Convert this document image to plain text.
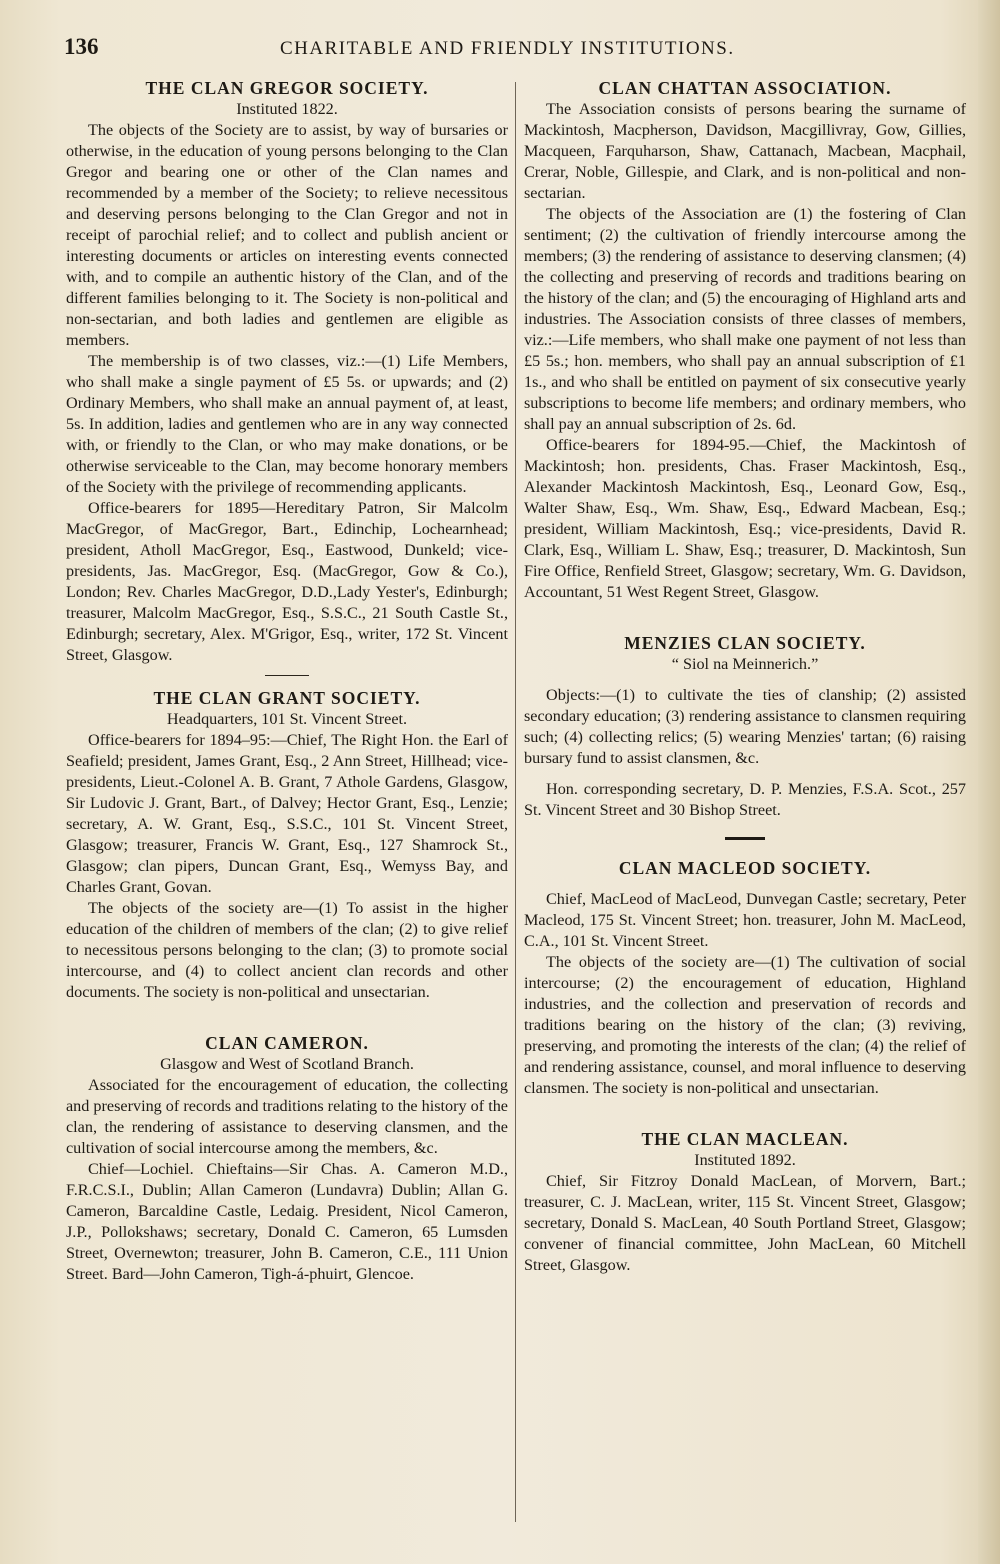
136	CHARITABLE AND FRIENDLY INSTITUTIONS.
THE CLAN GREGOR SOCIETY.
Instituted 1822.

The objects of the Society are to assist, by way of bursaries or otherwise, in the education of young persons belonging to the Clan Gregor and bearing one or other of the Clan names and recommended by a member of the Society; to relieve necessitous and deserving persons belonging to the Clan Gregor and not in receipt of parochial relief; and to collect and publish ancient or interesting documents or articles on interesting events connected with, and to compile an authentic history of the Clan, and of the different families belonging to it. The Society is non-political and non-sectarian, and both ladies and gentlemen are eligible as members.

The membership is of two classes, viz.:—(1) Life Members, who shall make a single payment of £5 5s. or upwards; and (2) Ordinary Members, who shall make an annual payment of, at least, 5s. In addition, ladies and gentlemen who are in any way connected with, or friendly to the Clan, or who may make donations, or be otherwise serviceable to the Clan, may become honorary members of the Society with the privilege of recommending applicants.

Office-bearers for 1895—Hereditary Patron, Sir Malcolm MacGregor, of MacGregor, Bart., Edinchip, Lochearnhead; president, Atholl MacGregor, Esq., Eastwood, Dunkeld; vice-presidents, Jas. MacGregor, Esq. (MacGregor, Gow & Co.), London; Rev. Charles MacGregor, D.D.,Lady Yester's, Edinburgh; treasurer, Malcolm MacGregor, Esq., S.S.C., 21 South Castle St., Edinburgh; secretary, Alex. M'Grigor, Esq., writer, 172 St. Vincent Street, Glasgow.

THE CLAN GRANT SOCIETY.
Headquarters, 101 St. Vincent Street.

Office-bearers for 1894–95:—Chief, The Right Hon. the Earl of Seafield; president, James Grant, Esq., 2 Ann Street, Hillhead; vice-presidents, Lieut.-Colonel A. B. Grant, 7 Athole Gardens, Glasgow, Sir Ludovic J. Grant, Bart., of Dalvey; Hector Grant, Esq., Lenzie; secretary, A. W. Grant, Esq., S.S.C., 101 St. Vincent Street, Glasgow; treasurer, Francis W. Grant, Esq., 127 Shamrock St., Glasgow; clan pipers, Duncan Grant, Esq., Wemyss Bay, and Charles Grant, Govan.

The objects of the society are—(1) To assist in the higher education of the children of members of the clan; (2) to give relief to necessitous persons belonging to the clan; (3) to promote social intercourse, and (4) to collect ancient clan records and other documents. The society is non-political and unsectarian.

CLAN CAMERON.
Glasgow and West of Scotland Branch.

Associated for the encouragement of education, the collecting and preserving of records and traditions relating to the history of the clan, the rendering of assistance to deserving clansmen, and the cultivation of social intercourse among the members, &c.

Chief—Lochiel. Chieftains—Sir Chas. A. Cameron M.D., F.R.C.S.I., Dublin; Allan Cameron (Lundavra) Dublin; Allan G. Cameron, Barcaldine Castle, Ledaig. President, Nicol Cameron, J.P., Pollokshaws; secretary, Donald C. Cameron, 65 Lumsden Street, Overnewton; treasurer, John B. Cameron, C.E., 111 Union Street. Bard—John Cameron, Tigh-á-phuirt, Glencoe.

CLAN CHATTAN ASSOCIATION.

The Association consists of persons bearing the surname of Mackintosh, Macpherson, Davidson, Macgillivray, Gow, Gillies, Macqueen, Farquharson, Shaw, Cattanach, Macbean, Macphail, Crerar, Noble, Gillespie, and Clark, and is non-political and non-sectarian.

The objects of the Association are (1) the fostering of Clan sentiment; (2) the cultivation of friendly intercourse among the members; (3) the rendering of assistance to deserving clansmen; (4) the collecting and preserving of records and traditions bearing on the history of the clan; and (5) the encouraging of Highland arts and industries. The Association consists of three classes of members, viz.:—Life members, who shall make one payment of not less than £5 5s.; hon. members, who shall pay an annual subscription of £1 1s., and who shall be entitled on payment of six consecutive yearly subscriptions to become life members; and ordinary members, who shall pay an annual subscription of 2s. 6d.

Office-bearers for 1894-95.—Chief, the Mackintosh of Mackintosh; hon. presidents, Chas. Fraser Mackintosh, Esq., Alexander Mackintosh Mackintosh, Esq., Leonard Gow, Esq., Walter Shaw, Esq., Wm. Shaw, Esq., Edward Macbean, Esq.; president, William Mackintosh, Esq.; vice-presidents, David R. Clark, Esq., William L. Shaw, Esq.; treasurer, D. Mackintosh, Sun Fire Office, Renfield Street, Glasgow; secretary, Wm. G. Davidson, Accountant, 51 West Regent Street, Glasgow.

MENZIES CLAN SOCIETY.
“ Siol na Meinnerich.”

Objects:—(1) to cultivate the ties of clanship; (2) assisted secondary education; (3) rendering assistance to clansmen requiring such; (4) collecting relics; (5) wearing Menzies' tartan; (6) raising bursary fund to assist clansmen, &c.

Hon. corresponding secretary, D. P. Menzies, F.S.A. Scot., 257 St. Vincent Street and 30 Bishop Street.

CLAN MACLEOD SOCIETY.

Chief, MacLeod of MacLeod, Dunvegan Castle; secretary, Peter Macleod, 175 St. Vincent Street; hon. treasurer, John M. MacLeod, C.A., 101 St. Vincent Street.

The objects of the society are—(1) The cultivation of social intercourse; (2) the encouragement of education, Highland industries, and the collection and preservation of records and traditions bearing on the history of the clan; (3) reviving, preserving, and promoting the interests of the clan; (4) the relief of and rendering assistance, counsel, and moral influence to deserving clansmen. The society is non-political and unsectarian.

THE CLAN MACLEAN.
Instituted 1892.

Chief, Sir Fitzroy Donald MacLean, of Morvern, Bart.; treasurer, C. J. MacLean, writer, 115 St. Vincent Street, Glasgow; secretary, Donald S. MacLean, 40 South Portland Street, Glasgow; convener of financial committee, John MacLean, 60 Mitchell Street, Glasgow.
